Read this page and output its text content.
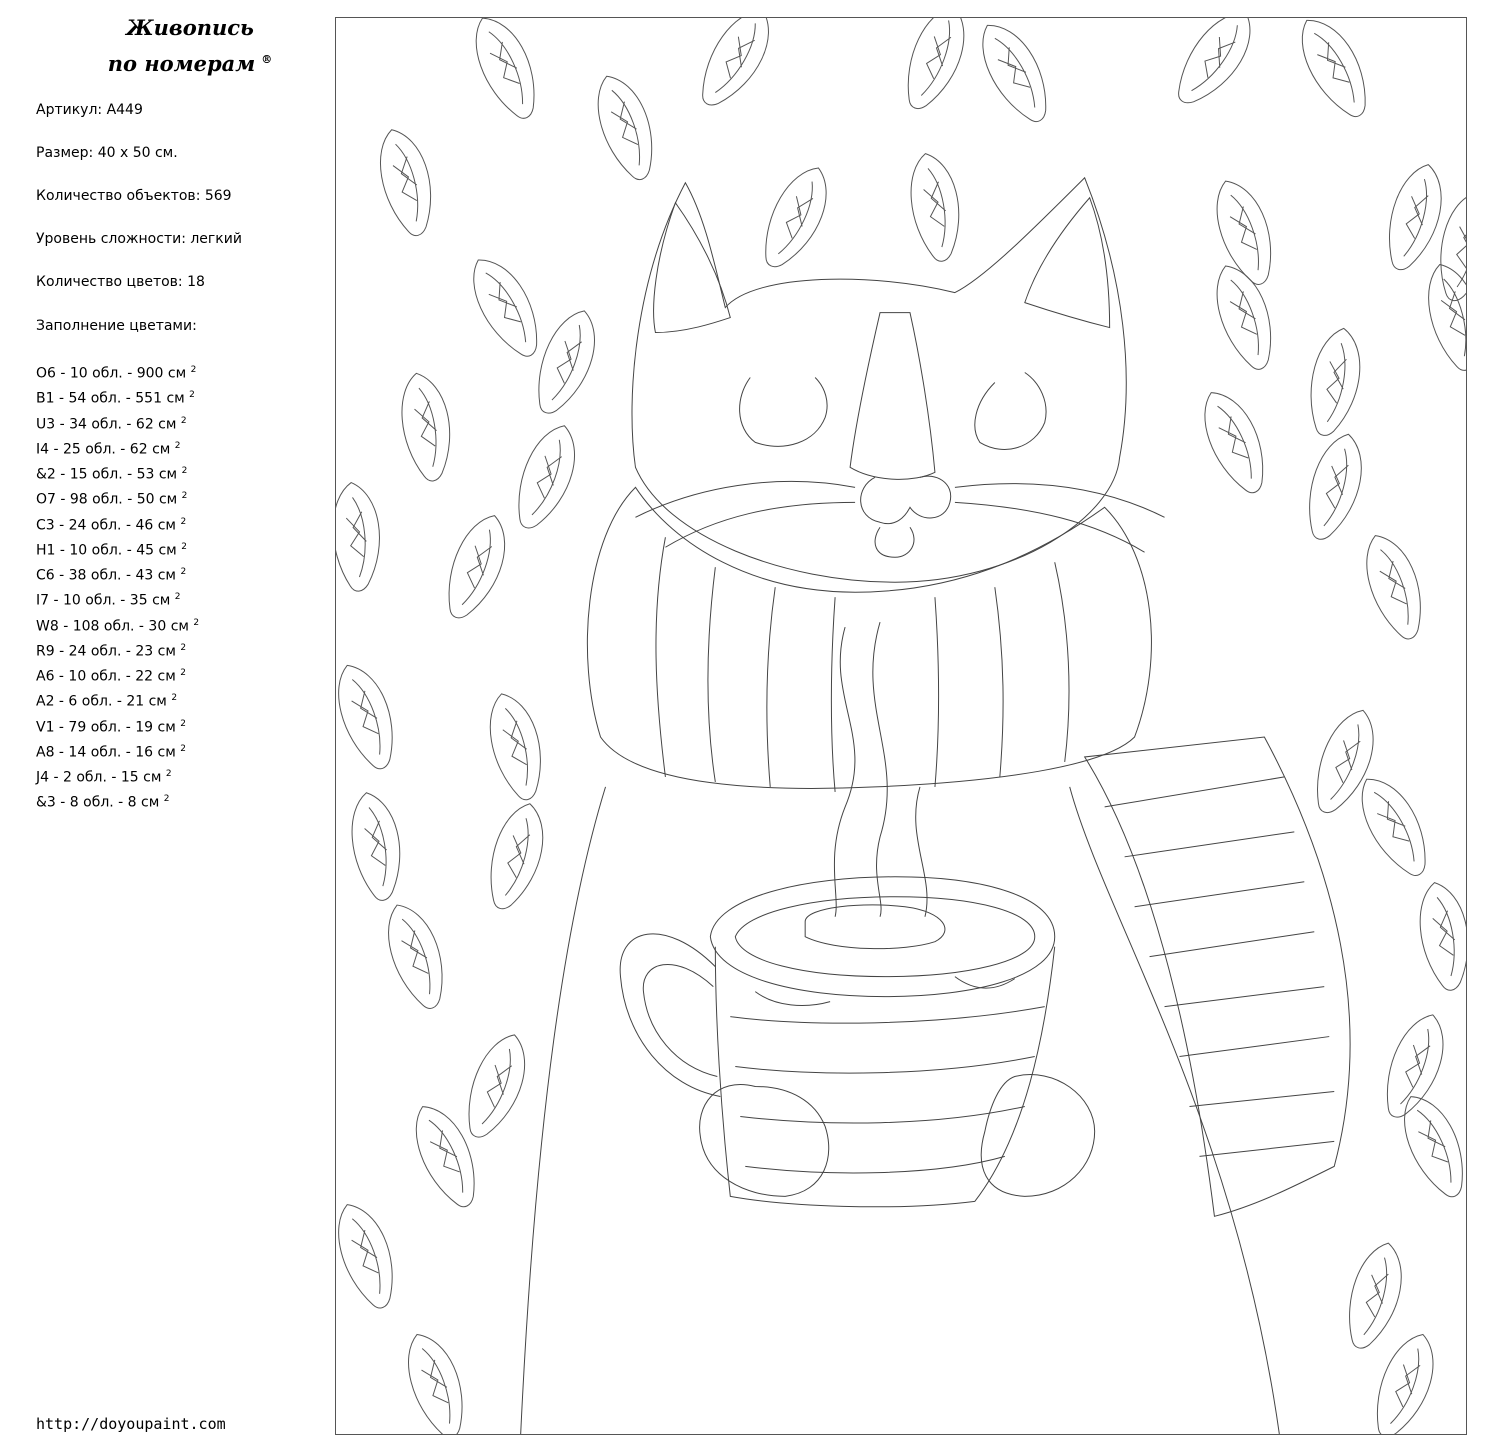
Живопись
по номерам ®
Артикул: A449
Размер: 40 x 50 см.
Количество объектов: 569
Уровень сложности: легкий
Количество цветов: 18
Заполнение цветами:
O6 - 10 обл. - 900 см $^2$
B1 - 54 обл. - 551 см $^2$
U3 - 34 обл. - 62 см $^2$
I4 - 25 обл. - 62 см $^2$
&2 - 15 обл. - 53 см $^2$
O7 - 98 обл. - 50 см $^2$
C3 - 24 обл. - 46 см $^2$
H1 - 10 обл. - 45 см $^2$
C6 - 38 обл. - 43 см $^2$
I7 - 10 обл. - 35 см $^2$
W8 - 108 обл. - 30 см $^2$
R9 - 24 обл. - 23 см $^2$
A6 - 10 обл. - 22 см $^2$
A2 - 6 обл. - 21 см $^2$
V1 - 79 обл. - 19 см $^2$
A8 - 14 обл. - 16 см $^2$
J4 - 2 обл. - 15 см $^2$
&3 - 8 обл. - 8 см $^2$
http://doyoupaint.com
